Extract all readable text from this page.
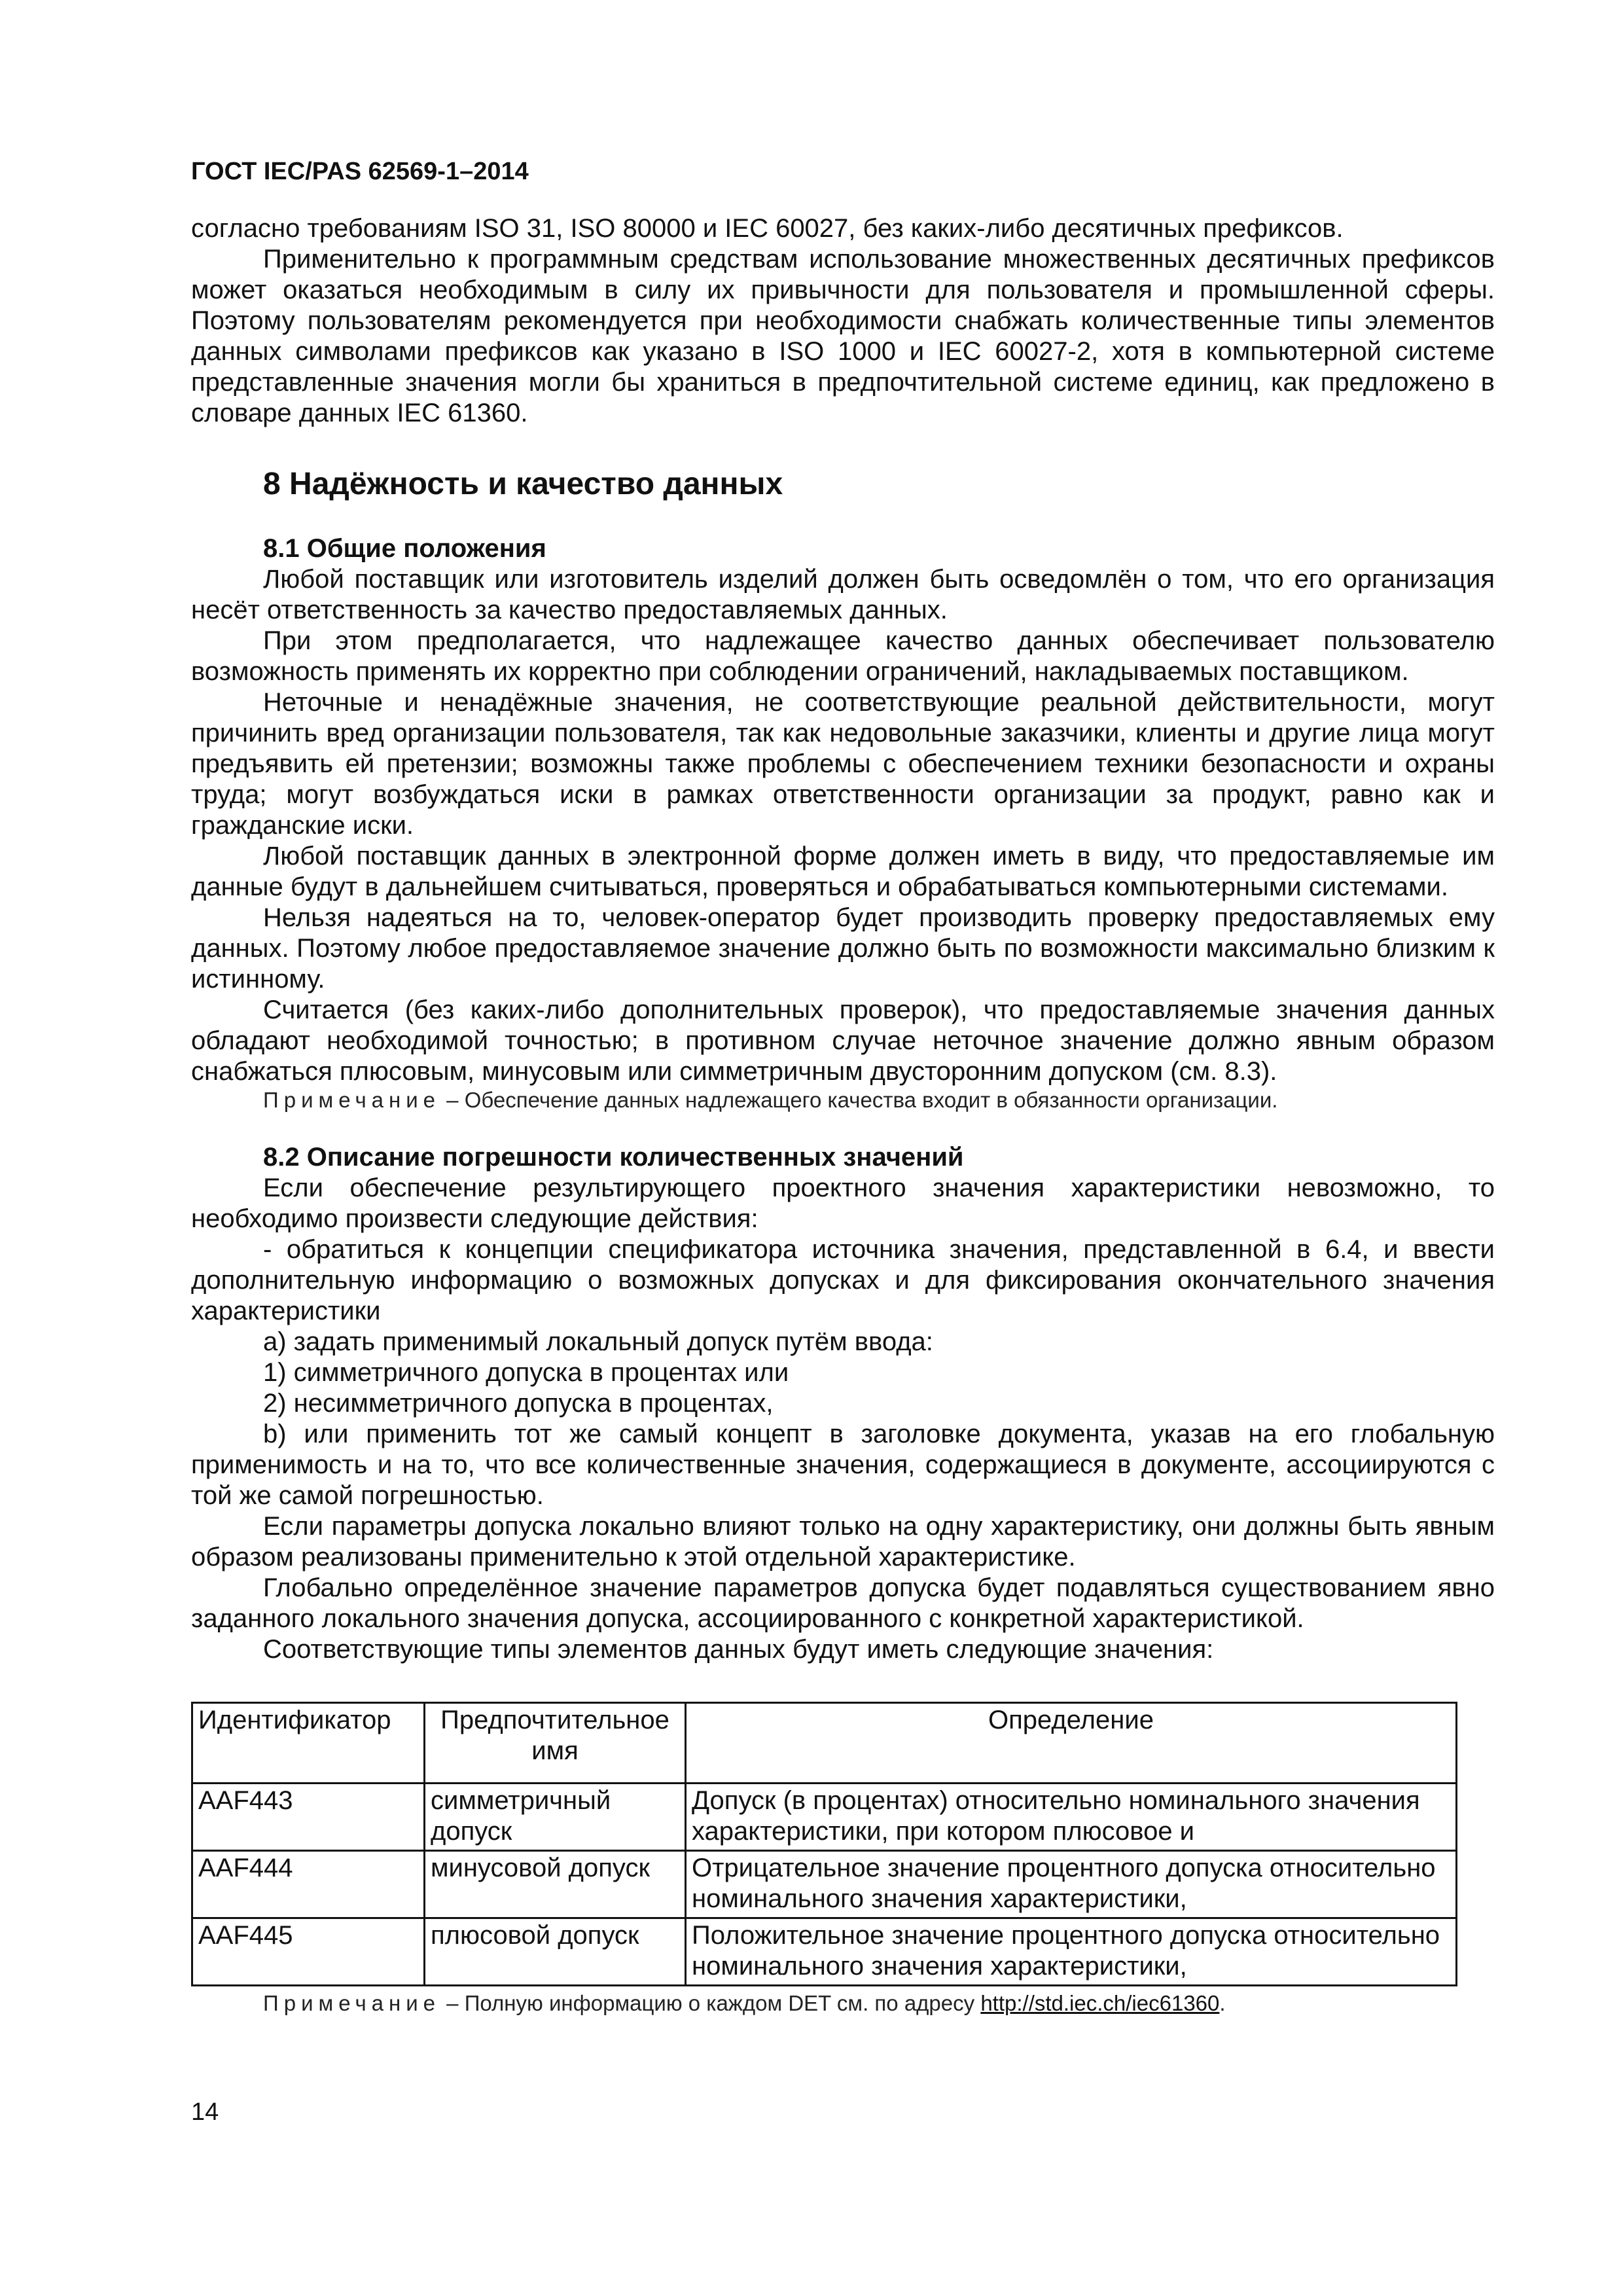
ГОСТ IEC/PAS 62569-1–2014

согласно требованиям ISO 31, ISO 80000 и IEC 60027, без каких-либо десятичных префиксов.

Применительно к программным средствам использование множественных десятичных префиксов может оказаться необходимым в силу их привычности для пользователя и промышленной сферы. Поэтому пользователям рекомендуется при необходимости снабжать количественные типы элементов данных символами префиксов как указано в ISO 1000 и IEC 60027-2, хотя в компьютерной системе представленные значения могли бы храниться в предпочтительной системе единиц, как предложено в словаре данных IEC 61360.

8 Надёжность и качество данных
8.1 Общие положения

Любой поставщик или изготовитель изделий должен быть осведомлён о том, что его организация несёт ответственность за качество предоставляемых данных.

При этом предполагается, что надлежащее качество данных обеспечивает пользователю возможность применять их корректно при соблюдении ограничений, накладываемых поставщиком.

Неточные и ненадёжные значения, не соответствующие реальной действительности, могут причинить вред организации пользователя, так как недовольные заказчики, клиенты и другие лица могут предъявить ей претензии; возможны также проблемы с обеспечением техники безопасности и охраны труда; могут возбуждаться иски в рамках ответственности организации за продукт, равно как и гражданские иски.

Любой поставщик данных в электронной форме должен иметь в виду, что предоставляемые им данные будут в дальнейшем считываться, проверяться и обрабатываться компьютерными системами.

Нельзя надеяться на то, человек-оператор будет производить проверку предоставляемых ему данных. Поэтому любое предоставляемое значение должно быть по возможности максимально близким к истинному.

Считается (без каких-либо дополнительных проверок), что предоставляемые значения данных обладают необходимой точностью; в противном случае неточное значение должно явным образом снабжаться плюсовым, минусовым или симметричным двусторонним допуском (см. 8.3).

Примечание – Обеспечение данных надлежащего качества входит в обязанности организации.

8.2 Описание погрешности количественных значений

Если обеспечение результирующего проектного значения характеристики невозможно, то необходимо произвести следующие действия:

- обратиться к концепции спецификатора источника значения, представленной в 6.4, и ввести дополнительную информацию о возможных допусках и для фиксирования окончательного значения характеристики

а) задать применимый локальный допуск путём ввода:

1) симметричного допуска в процентах или

2) несимметричного допуска в процентах,

b) или применить тот же самый концепт в заголовке документа, указав на его глобальную применимость и на то, что все количественные значения, содержащиеся в документе, ассоциируются с той же самой погрешностью.

Если параметры допуска локально влияют только на одну характеристику, они должны быть явным образом реализованы применительно к этой отдельной характеристике.

Глобально определённое значение параметров допуска будет подавляться существованием явно заданного локального значения допуска, ассоциированного с конкретной характеристикой.

Соответствующие типы элементов данных будут иметь следующие значения:

Идентификатор	Предпочтительное имя	Определение
AAF443	симметричный допуск	Допуск (в процентах) относительно номинального значения характеристики, при котором плюсовое и

AAF444	минусовой допуск	Отрицательное значение процентного допуска относительно номинального значения характеристики,

AAF445	плюсовой допуск	Положительное значение процентного допуска относительно номинального значения характеристики,

Примечание – Полную информацию о каждом DET см. по адресу http://std.iec.ch/iec61360.

14
